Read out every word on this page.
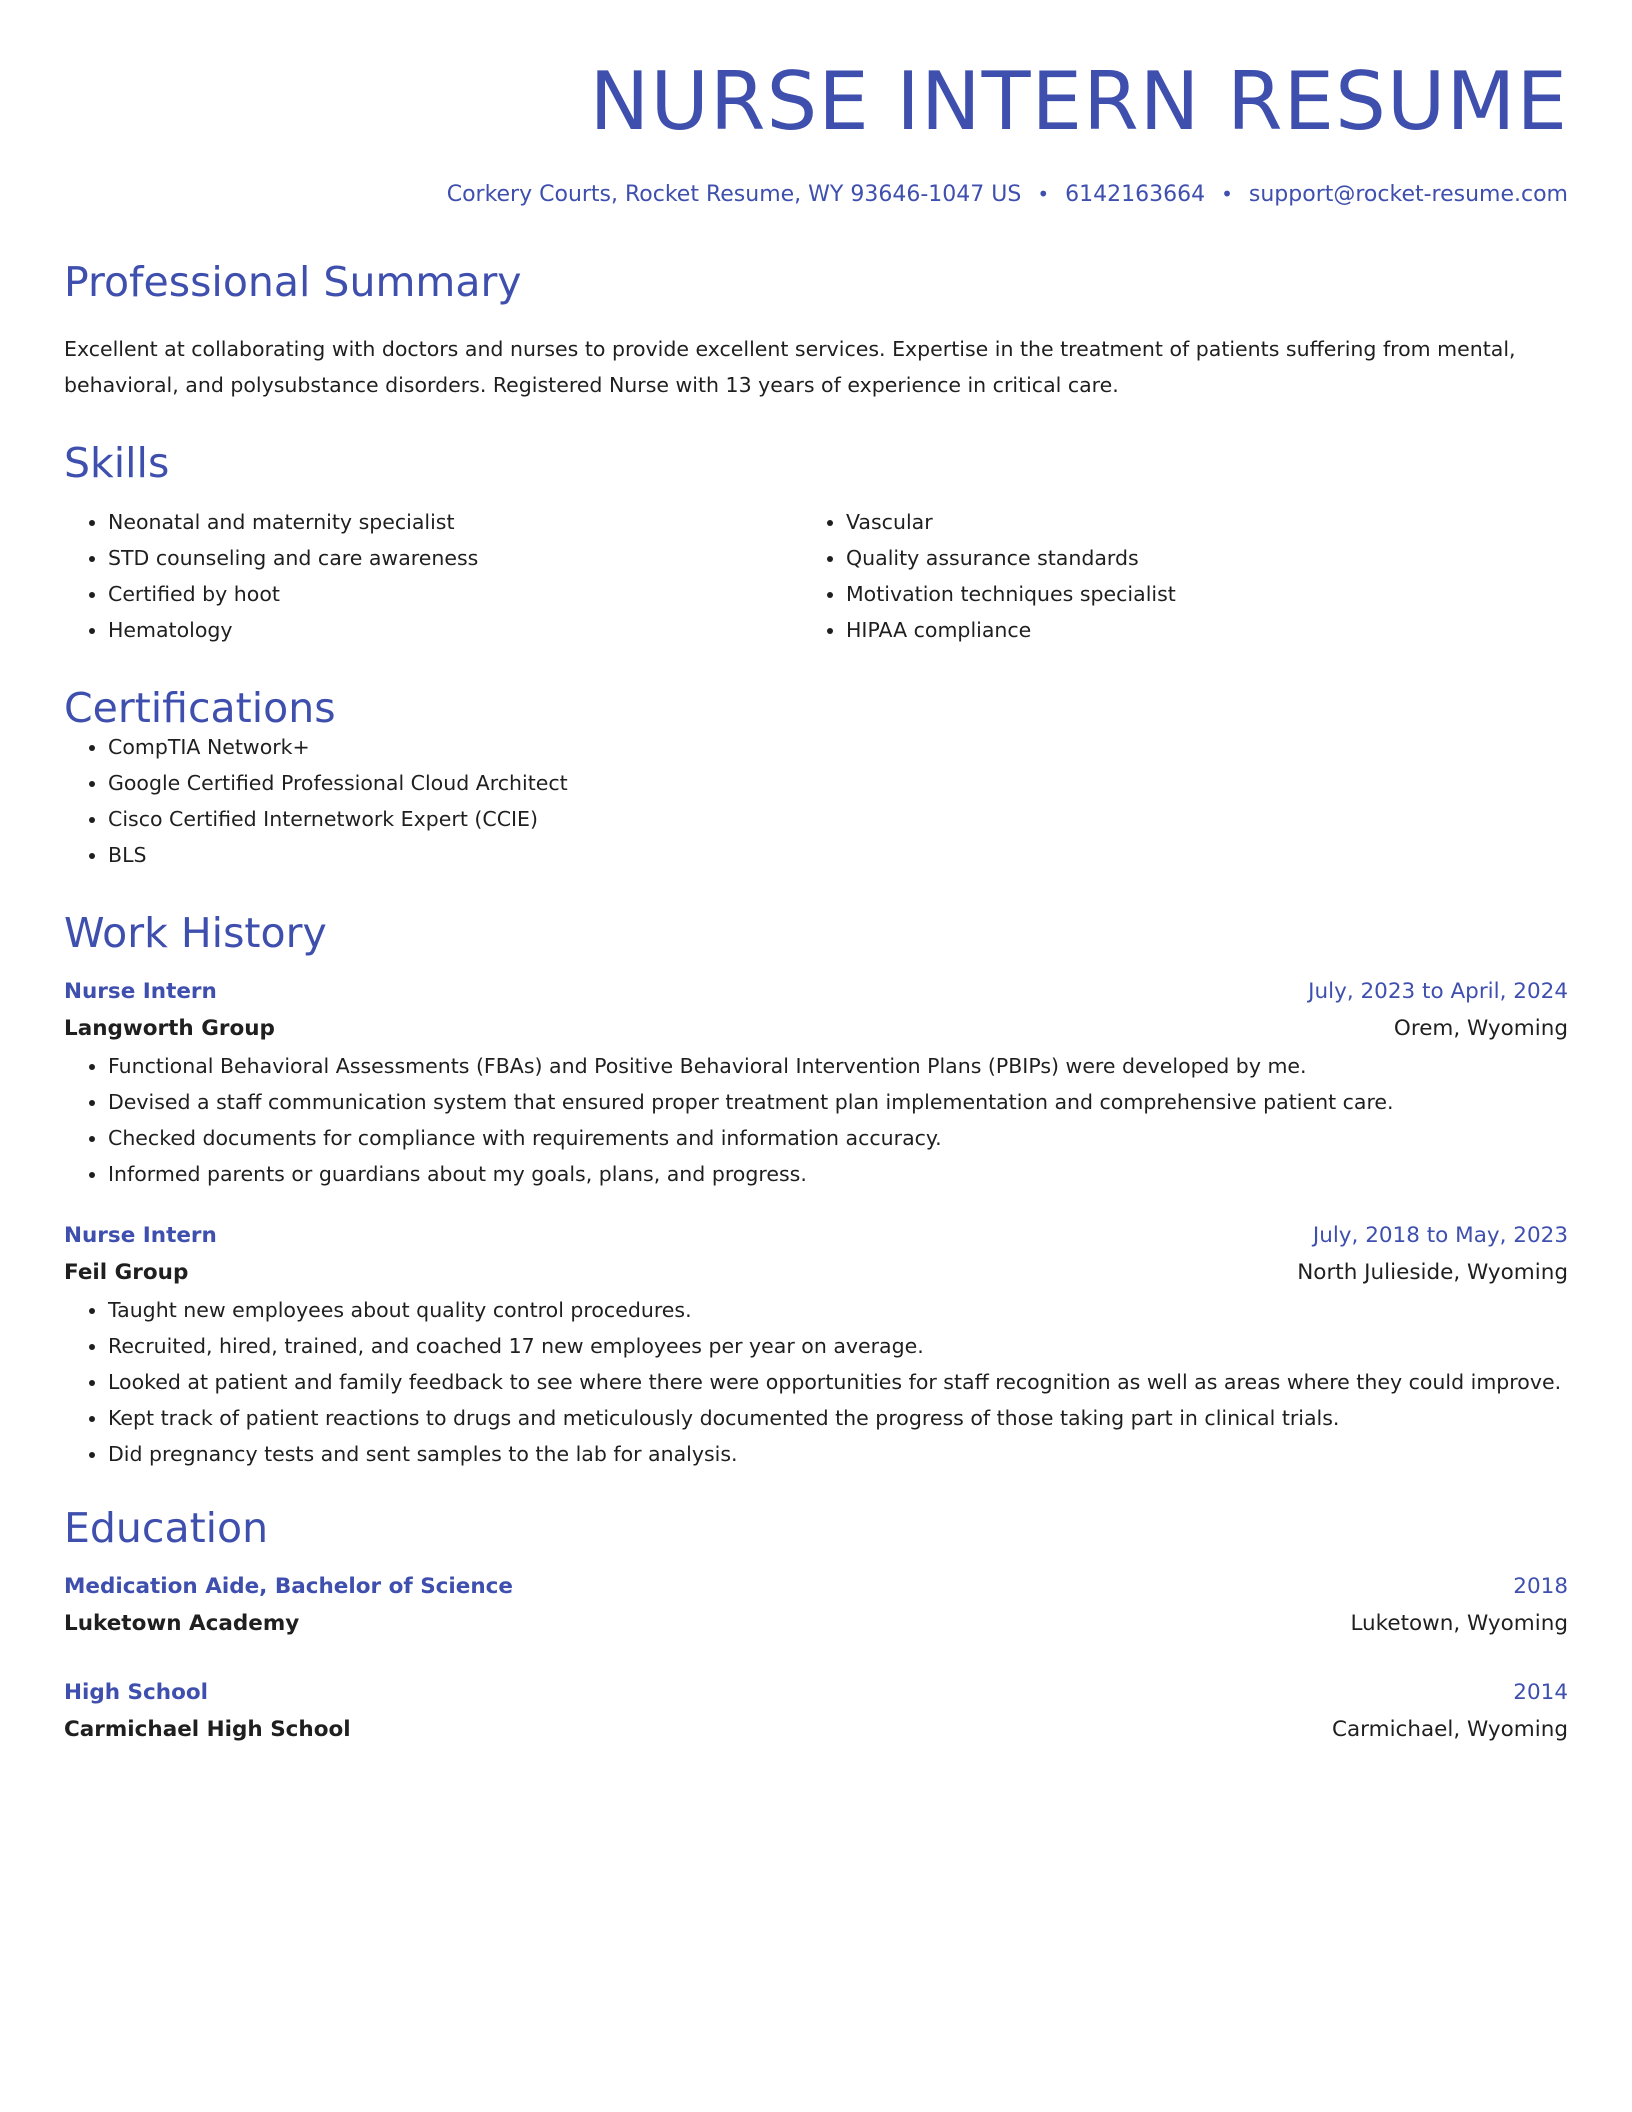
NURSE INTERN RESUME
Corkery Courts, Rocket Resume, WY 93646-1047 US • 6142163664 • support@rocket-resume.com
Professional Summary
Excellent at collaborating with doctors and nurses to provide excellent services. Expertise in the treatment of patients suffering from mental, behavioral, and polysubstance disorders. Registered Nurse with 13 years of experience in critical care.
Skills
• Neonatal and maternity specialist
• STD counseling and care awareness
• Certified by hoot
• Hematology
• Vascular
• Quality assurance standards
• Motivation techniques specialist
• HIPAA compliance
Certifications
• CompTIA Network+
• Google Certified Professional Cloud Architect
• Cisco Certified Internetwork Expert (CCIE)
• BLS
Work History
Nurse Intern	July, 2023 to April, 2024
Langworth Group	Orem, Wyoming
• Functional Behavioral Assessments (FBAs) and Positive Behavioral Intervention Plans (PBIPs) were developed by me.
• Devised a staff communication system that ensured proper treatment plan implementation and comprehensive patient care.
• Checked documents for compliance with requirements and information accuracy.
• Informed parents or guardians about my goals, plans, and progress.
Nurse Intern	July, 2018 to May, 2023
Feil Group	North Julieside, Wyoming
• Taught new employees about quality control procedures.
• Recruited, hired, trained, and coached 17 new employees per year on average.
• Looked at patient and family feedback to see where there were opportunities for staff recognition as well as areas where they could improve.
• Kept track of patient reactions to drugs and meticulously documented the progress of those taking part in clinical trials.
• Did pregnancy tests and sent samples to the lab for analysis.
Education
Medication Aide, Bachelor of Science	2018
Luketown Academy	Luketown, Wyoming
High School	2014
Carmichael High School	Carmichael, Wyoming
